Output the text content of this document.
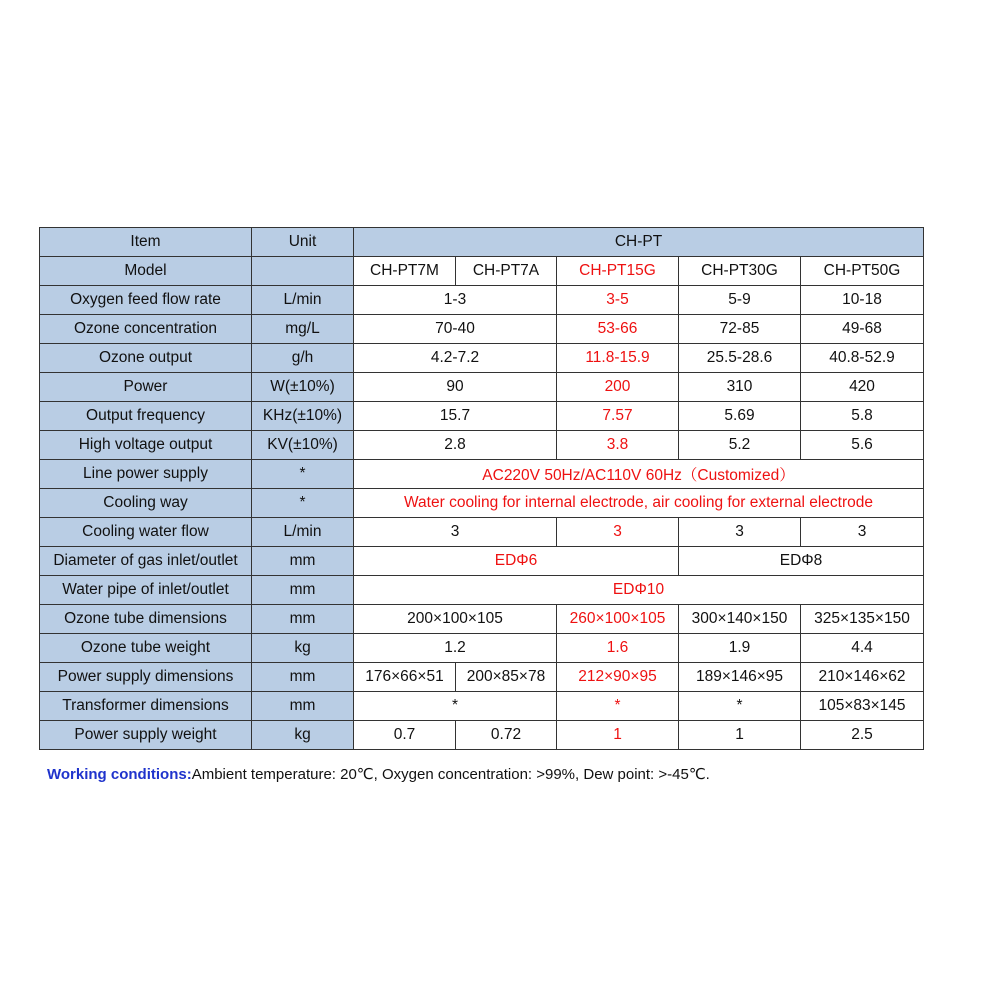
Item	Unit	CH-PT				
Model		CH-PT7M	CH-PT7A	CH-PT15G	CH-PT30G	CH-PT50G
Oxygen feed flow rate	L/min	1-3		3-5	5-9	10-18
Ozone concentration	mg/L	70-40		53-66	72-85	49-68
Ozone output	g/h	4.2-7.2		11.8-15.9	25.5-28.6	40.8-52.9
Power	W(±10%)	90		200	310	420
Output frequency	KHz(±10%)	15.7		7.57	5.69	5.8
High voltage output	KV(±10%)	2.8		3.8	5.2	5.6
Line power supply	*	AC220V 50Hz/AC110V 60Hz（Customized）				
Cooling way	*	Water cooling for internal electrode, air cooling for external electrode				
Cooling water flow	L/min	3		3	3	3
Diameter of gas inlet/outlet	mm	EDΦ6			EDΦ8	
Water pipe of inlet/outlet	mm	EDΦ10				
Ozone tube dimensions	mm	200×100×105		260×100×105	300×140×150	325×135×150
Ozone tube weight	kg	1.2		1.6	1.9	4.4
Power supply dimensions	mm	176×66×51	200×85×78	212×90×95	189×146×95	210×146×62
Transformer dimensions	mm	*		*	*	105×83×145
Power supply weight	kg	0.7	0.72	1	1	2.5
Working conditions:Ambient temperature: 20℃, Oxygen concentration: >99%, Dew point: >-45℃.
